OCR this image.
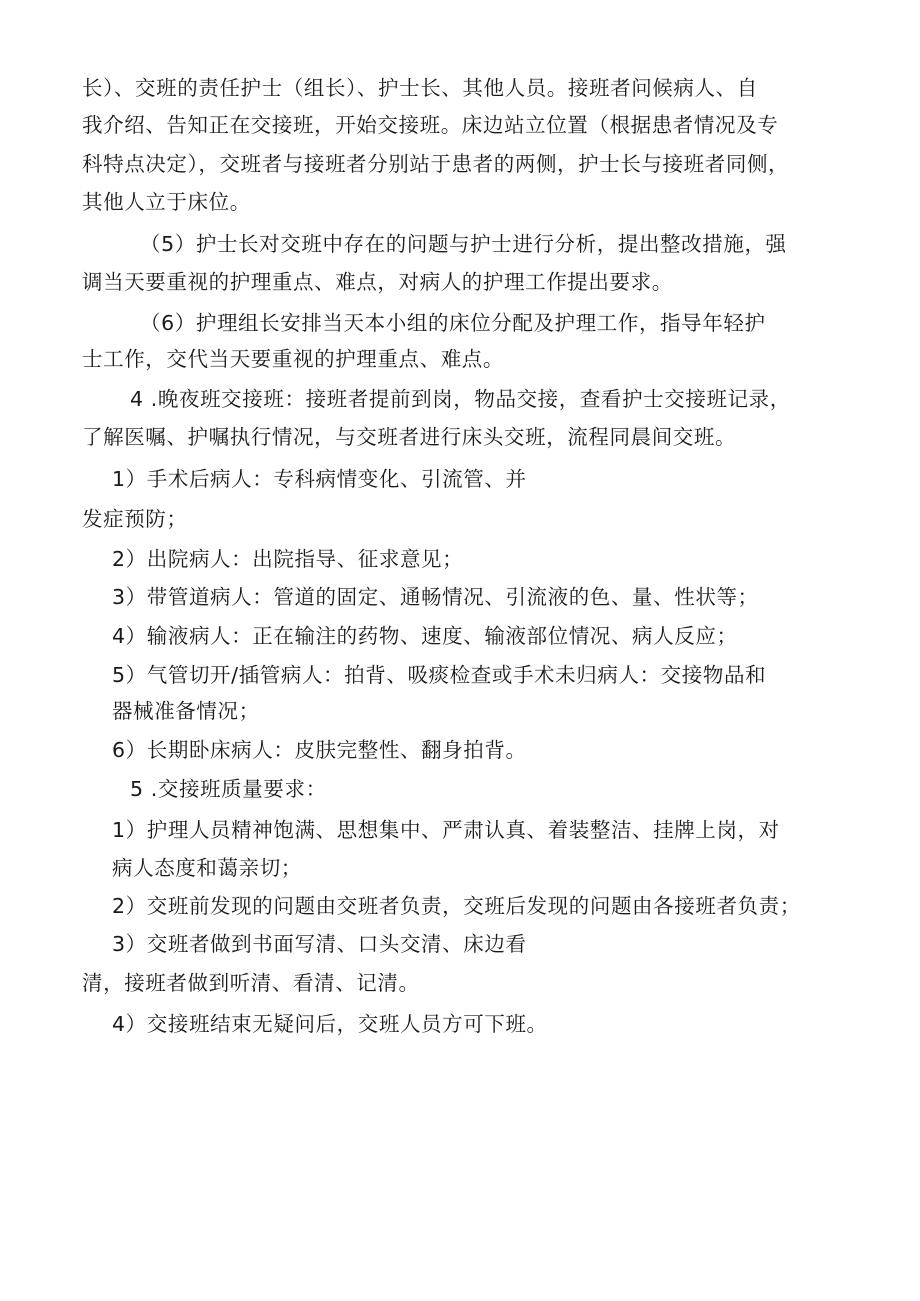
长）、交班的责任护士（组长）、护士长、其他人员。接班者问候病人、自
我介绍、告知正在交接班，开始交接班。床边站立位置（根据患者情况及专
科特点决定），交班者与接班者分别站于患者的两侧，护士长与接班者同侧，
其他人立于床位。
（5）护士长对交班中存在的问题与护士进行分析，提出整改措施，强
调当天要重视的护理重点、难点，对病人的护理工作提出要求。
（6）护理组长安排当天本小组的床位分配及护理工作，指导年轻护
士工作，交代当天要重视的护理重点、难点。
4 .晚夜班交接班：接班者提前到岗，物品交接，查看护士交接班记录，
了解医嘱、护嘱执行情况，与交班者进行床头交班，流程同晨间交班。
1）手术后病人：专科病情变化、引流管、并
发症预防；
2）出院病人：出院指导、征求意见；
3）带管道病人：管道的固定、通畅情况、引流液的色、量、性状等；
4）输液病人：正在输注的药物、速度、输液部位情况、病人反应；
5）气管切开/插管病人：拍背、吸痰检查或手术未归病人：交接物品和
器械准备情况；
6）长期卧床病人：皮肤完整性、翻身拍背。
5 .交接班质量要求：
1）护理人员精神饱满、思想集中、严肃认真、着装整洁、挂牌上岗，对
病人态度和蔼亲切；
2）交班前发现的问题由交班者负责，交班后发现的问题由各接班者负责；
3）交班者做到书面写清、口头交清、床边看
清，接班者做到听清、看清、记清。
4）交接班结束无疑问后，交班人员方可下班。
